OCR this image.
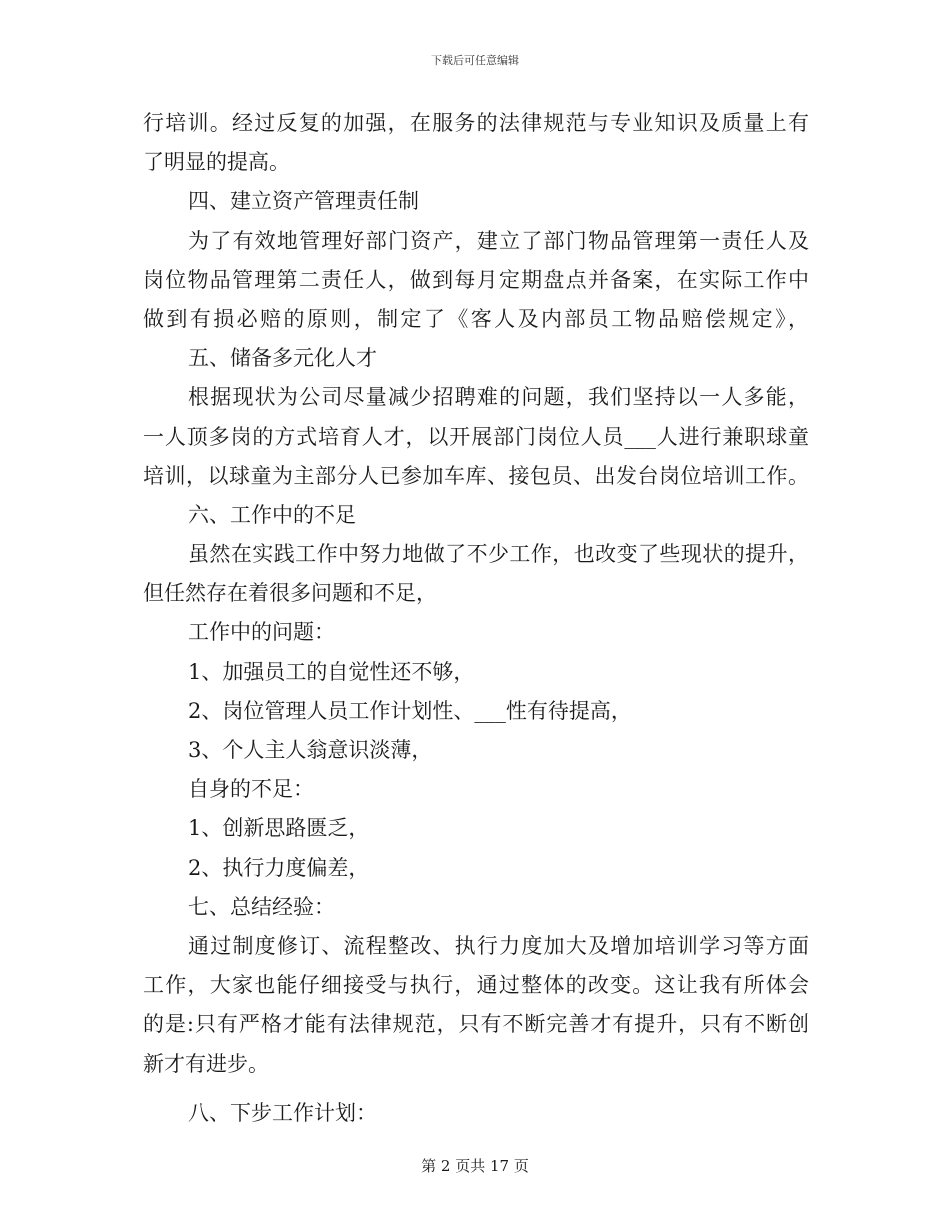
下载后可任意编辑
行培训。经过反复的加强，在服务的法律规范与专业知识及质量上有
了明显的提高。
四、建立资产管理责任制
为了有效地管理好部门资产，建立了部门物品管理第一责任人及
岗位物品管理第二责任人，做到每月定期盘点并备案，在实际工作中
做到有损必赔的原则，制定了《客人及内部员工物品赔偿规定》，
五、储备多元化人才
根据现状为公司尽量减少招聘难的问题，我们坚持以一人多能，
一人顶多岗的方式培育人才，以开展部门岗位人员___人进行兼职球童
培训，以球童为主部分人已参加车库、接包员、出发台岗位培训工作。
六、工作中的不足
虽然在实践工作中努力地做了不少工作，也改变了些现状的提升，
但任然存在着很多问题和不足，
工作中的问题：
1、加强员工的自觉性还不够，
2、岗位管理人员工作计划性、___性有待提高，
3、个人主人翁意识淡薄，
自身的不足：
1、创新思路匮乏，
2、执行力度偏差，
七、总结经验：
通过制度修订、流程整改、执行力度加大及增加培训学习等方面
工作，大家也能仔细接受与执行，通过整体的改变。这让我有所体会
的是:只有严格才能有法律规范，只有不断完善才有提升，只有不断创
新才有进步。
八、下步工作计划：
第 2 页共 17 页
